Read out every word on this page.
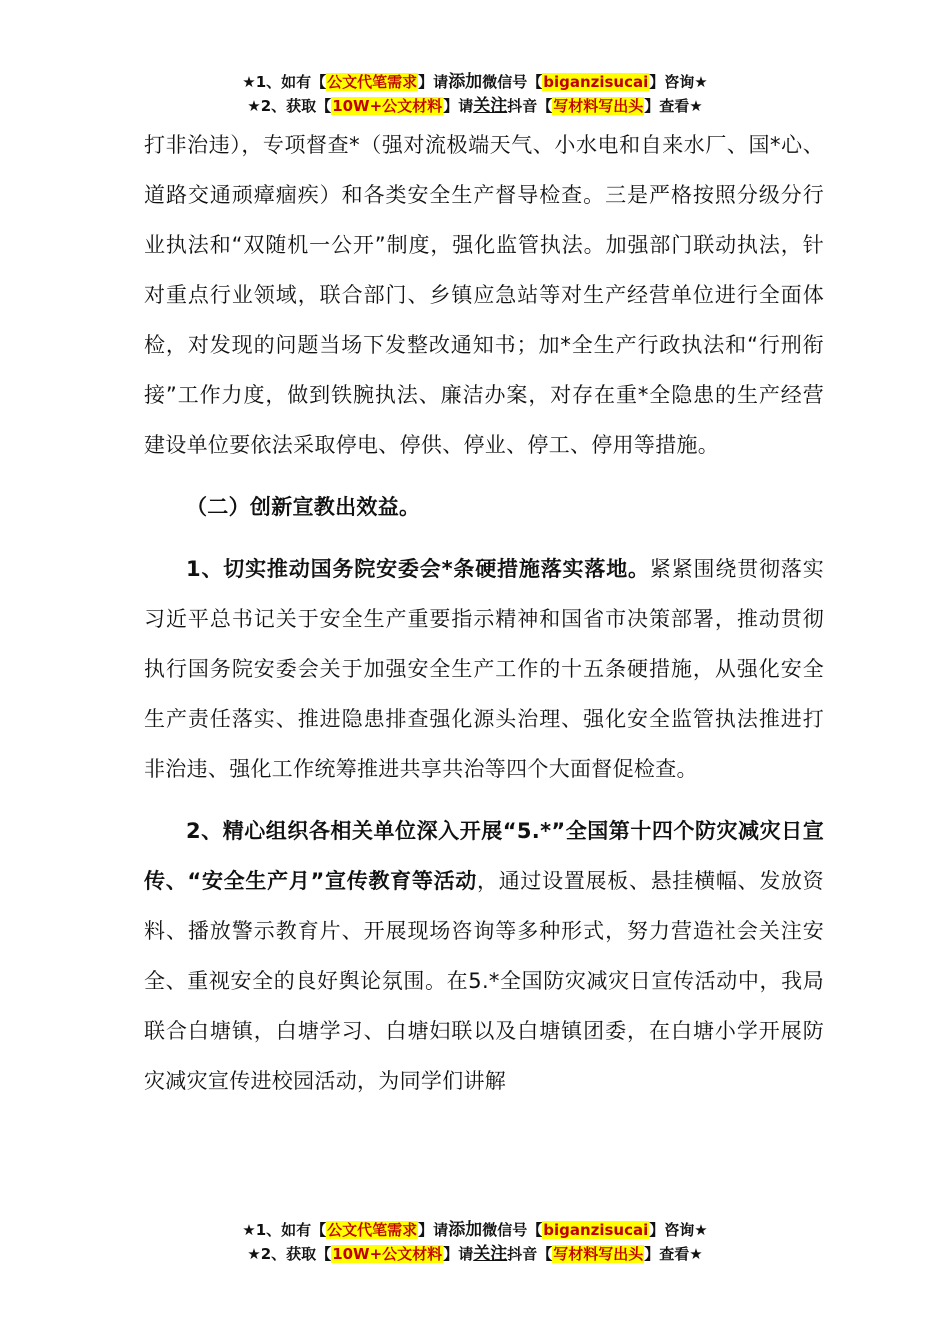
★1、如有【公文代笔需求】请添加微信号【biganzisucai】咨询★
★2、获取【10W+公文材料】请关注抖音【写材料写出头】查看★

打非治违），专项督查*（强对流极端天气、小水电和自来水厂、国*心、道路交通顽瘴痼疾）和各类安全生产督导检查。三是严格按照分级分行业执法和“双随机一公开”制度，强化监管执法。加强部门联动执法，针对重点行业领域，联合部门、乡镇应急站等对生产经营单位进行全面体检，对发现的问题当场下发整改通知书；加*全生产行政执法和“行刑衔接”工作力度，做到铁腕执法、廉洁办案，对存在重*全隐患的生产经营建设单位要依法采取停电、停供、停业、停工、停用等措施。

（二）创新宣教出效益。

1、切实推动国务院安委会*条硬措施落实落地。紧紧围绕贯彻落实习近平总书记关于安全生产重要指示精神和国省市决策部署，推动贯彻执行国务院安委会关于加强安全生产工作的十五条硬措施，从强化安全生产责任落实、推进隐患排查强化源头治理、强化安全监管执法推进打非治违、强化工作统筹推进共享共治等四个大面督促检查。

2、精心组织各相关单位深入开展“5.*”全国第十四个防灾减灾日宣传、“安全生产月”宣传教育等活动，通过设置展板、悬挂横幅、发放资料、播放警示教育片、开展现场咨询等多种形式，努力营造社会关注安全、重视安全的良好舆论氛围。在5.*全国防灾减灾日宣传活动中，我局联合白塘镇，白塘学习、白塘妇联以及白塘镇团委，在白塘小学开展防灾减灾宣传进校园活动，为同学们讲解

★1、如有【公文代笔需求】请添加微信号【biganzisucai】咨询★
★2、获取【10W+公文材料】请关注抖音【写材料写出头】查看★
